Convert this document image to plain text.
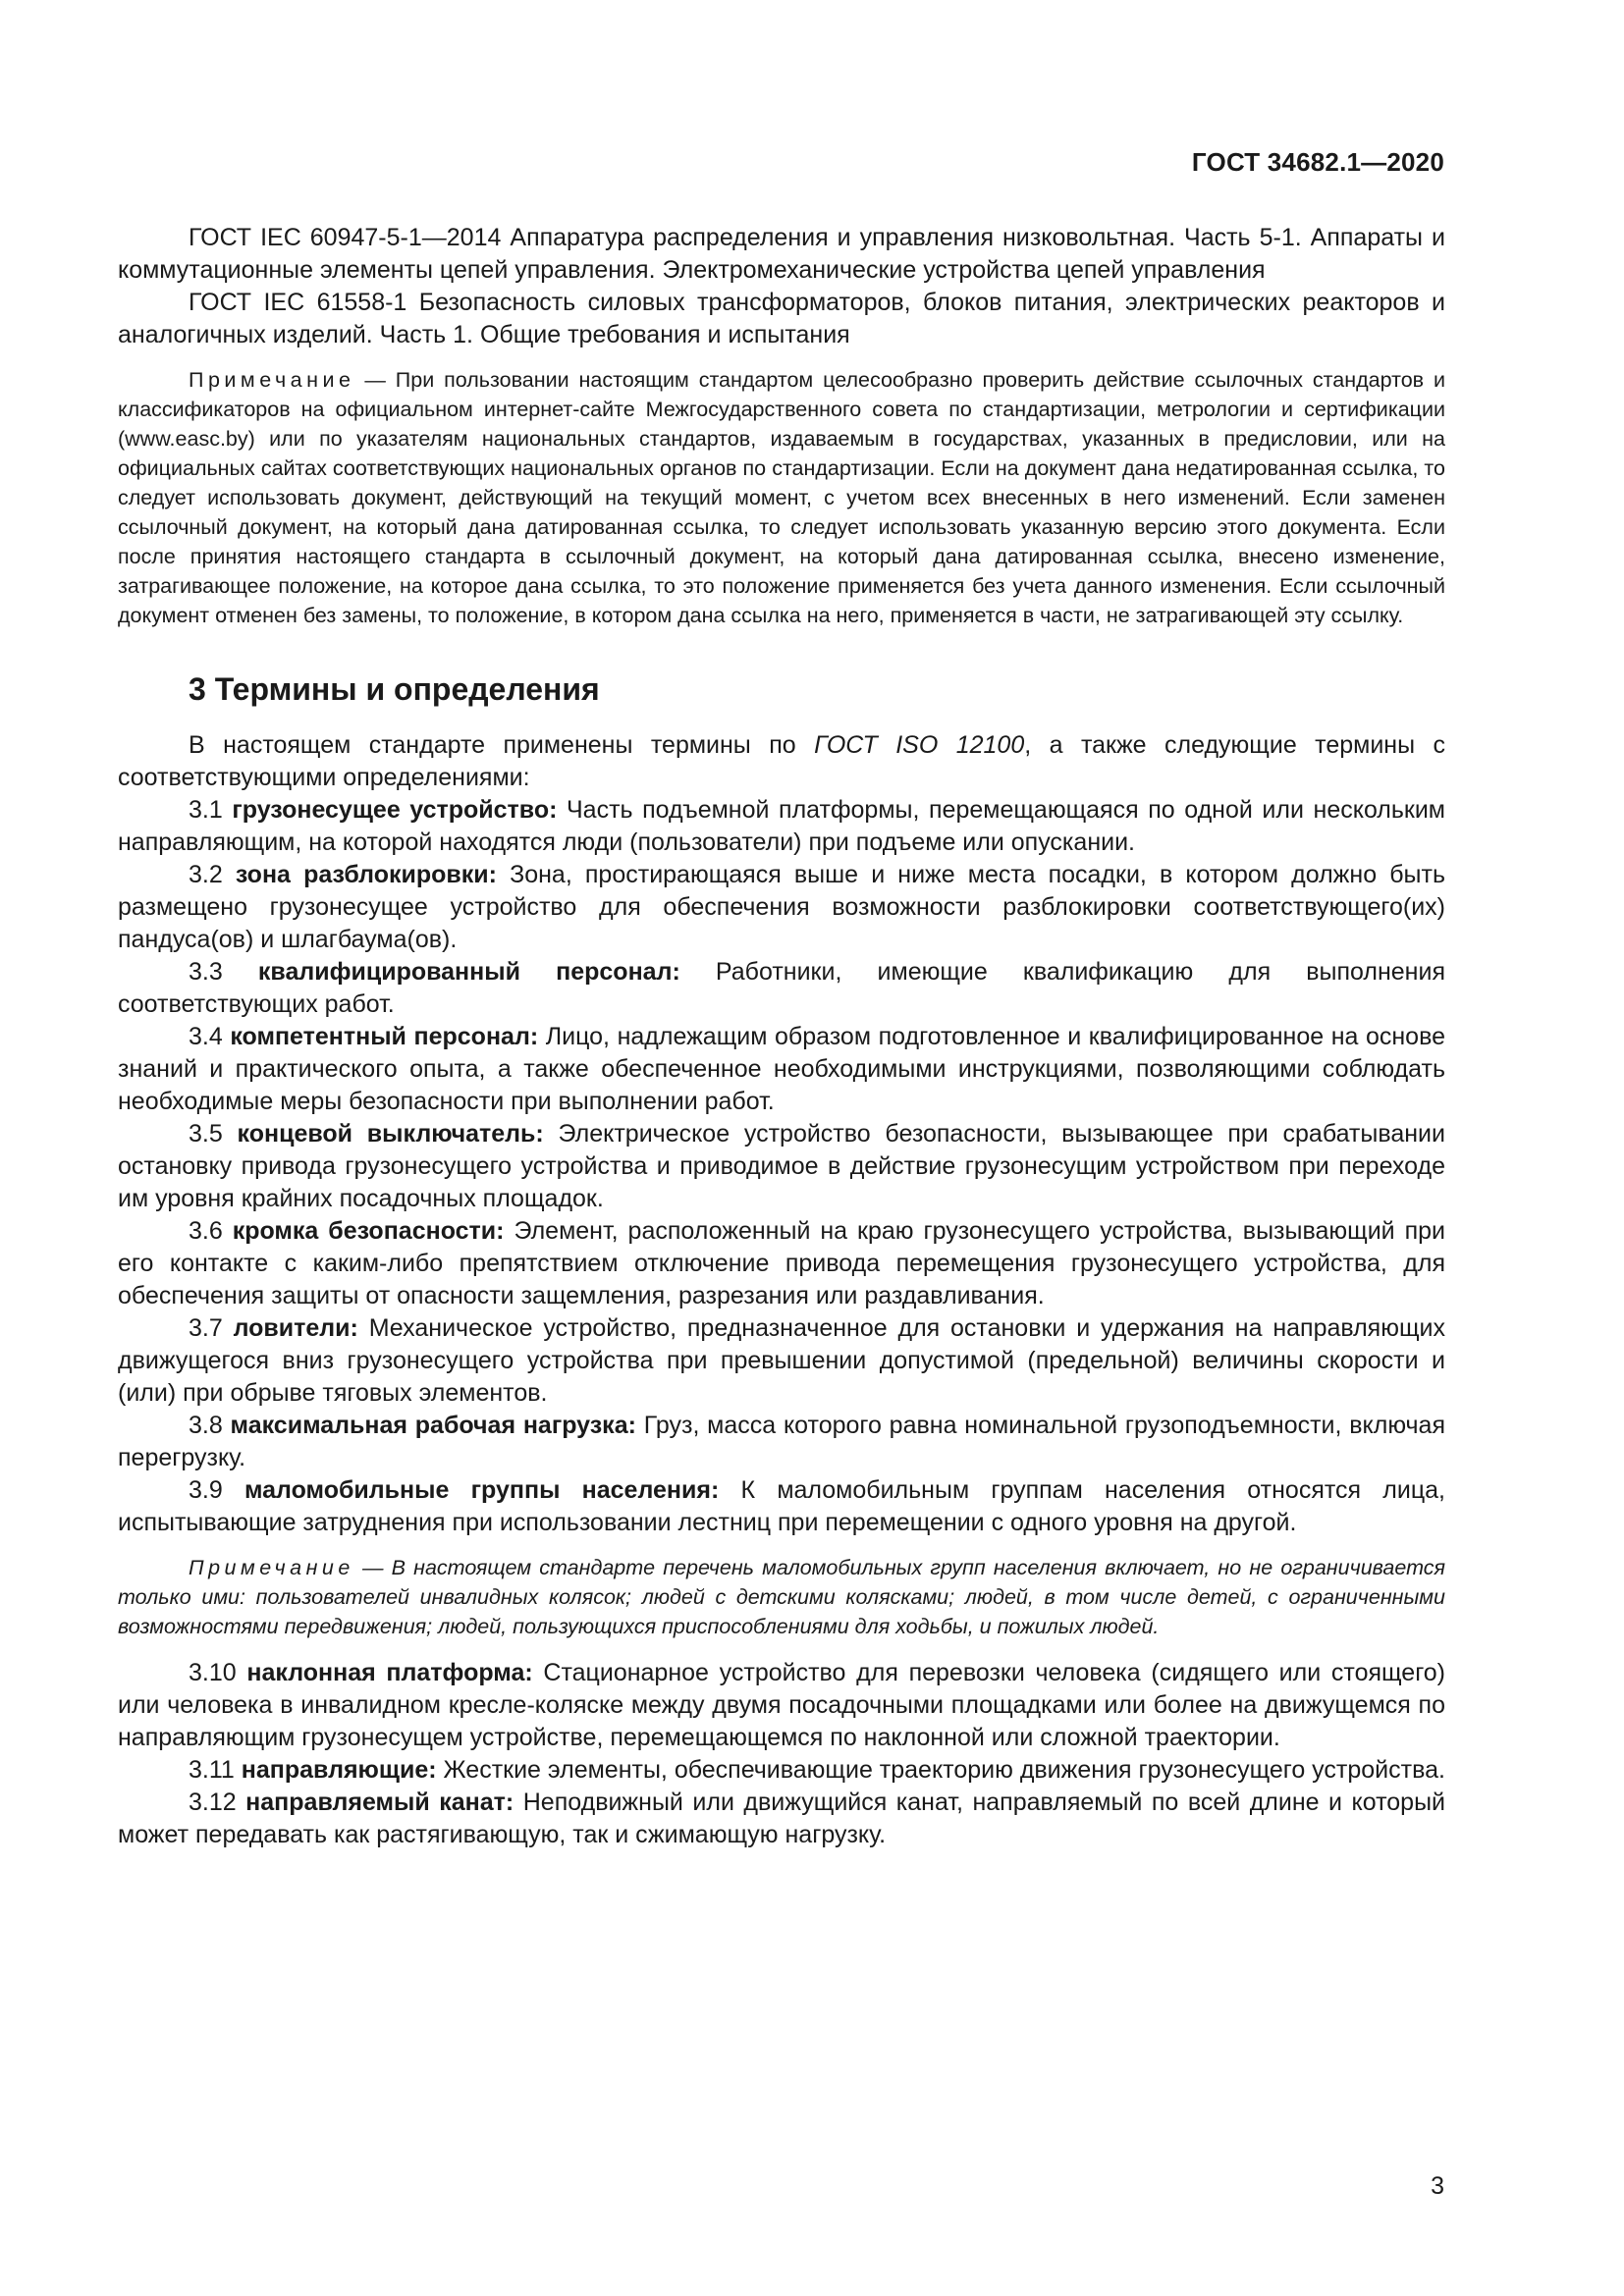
ГОСТ 34682.1—2020

ГОСТ IEC 60947-5-1—2014 Аппаратура распределения и управления низковольтная. Часть 5-1. Аппараты и коммутационные элементы цепей управления. Электромеханические устройства цепей управления

ГОСТ IEC 61558-1 Безопасность силовых трансформаторов, блоков питания, электрических реакторов и аналогичных изделий. Часть 1. Общие требования и испытания

Примечание — При пользовании настоящим стандартом целесообразно проверить действие ссылочных стандартов и классификаторов на официальном интернет-сайте Межгосударственного совета по стандартизации, метрологии и сертификации (www.easc.by) или по указателям национальных стандартов, издаваемым в государствах, указанных в предисловии, или на официальных сайтах соответствующих национальных органов по стандартизации. Если на документ дана недатированная ссылка, то следует использовать документ, действующий на текущий момент, с учетом всех внесенных в него изменений. Если заменен ссылочный документ, на который дана датированная ссылка, то следует использовать указанную версию этого документа. Если после принятия настоящего стандарта в ссылочный документ, на который дана датированная ссылка, внесено изменение, затрагивающее положение, на которое дана ссылка, то это положение применяется без учета данного изменения. Если ссылочный документ отменен без замены, то положение, в котором дана ссылка на него, применяется в части, не затрагивающей эту ссылку.

3 Термины и определения

В настоящем стандарте применены термины по ГОСТ ISO 12100, а также следующие термины с соответствующими определениями:

3.1 грузонесущее устройство: Часть подъемной платформы, перемещающаяся по одной или нескольким направляющим, на которой находятся люди (пользователи) при подъеме или опускании.

3.2 зона разблокировки: Зона, простирающаяся выше и ниже места посадки, в котором должно быть размещено грузонесущее устройство для обеспечения возможности разблокировки соответствующего(их) пандуса(ов) и шлагбаума(ов).

3.3 квалифицированный персонал: Работники, имеющие квалификацию для выполнения соответствующих работ.

3.4 компетентный персонал: Лицо, надлежащим образом подготовленное и квалифицированное на основе знаний и практического опыта, а также обеспеченное необходимыми инструкциями, позволяющими соблюдать необходимые меры безопасности при выполнении работ.

3.5 концевой выключатель: Электрическое устройство безопасности, вызывающее при срабатывании остановку привода грузонесущего устройства и приводимое в действие грузонесущим устройством при переходе им уровня крайних посадочных площадок.

3.6 кромка безопасности: Элемент, расположенный на краю грузонесущего устройства, вызывающий при его контакте с каким-либо препятствием отключение привода перемещения грузонесущего устройства, для обеспечения защиты от опасности защемления, разрезания или раздавливания.

3.7 ловители: Механическое устройство, предназначенное для остановки и удержания на направляющих движущегося вниз грузонесущего устройства при превышении допустимой (предельной) величины скорости и (или) при обрыве тяговых элементов.

3.8 максимальная рабочая нагрузка: Груз, масса которого равна номинальной грузоподъемности, включая перегрузку.

3.9 маломобильные группы населения: К маломобильным группам населения относятся лица, испытывающие затруднения при использовании лестниц при перемещении с одного уровня на другой.

Примечание — В настоящем стандарте перечень маломобильных групп населения включает, но не ограничивается только ими: пользователей инвалидных колясок; людей с детскими колясками; людей, в том числе детей, с ограниченными возможностями передвижения; людей, пользующихся приспособлениями для ходьбы, и пожилых людей.

3.10 наклонная платформа: Стационарное устройство для перевозки человека (сидящего или стоящего) или человека в инвалидном кресле-коляске между двумя посадочными площадками или более на движущемся по направляющим грузонесущем устройстве, перемещающемся по наклонной или сложной траектории.

3.11 направляющие: Жесткие элементы, обеспечивающие траекторию движения грузонесущего устройства.

3.12 направляемый канат: Неподвижный или движущийся канат, направляемый по всей длине и который может передавать как растягивающую, так и сжимающую нагрузку.

3
